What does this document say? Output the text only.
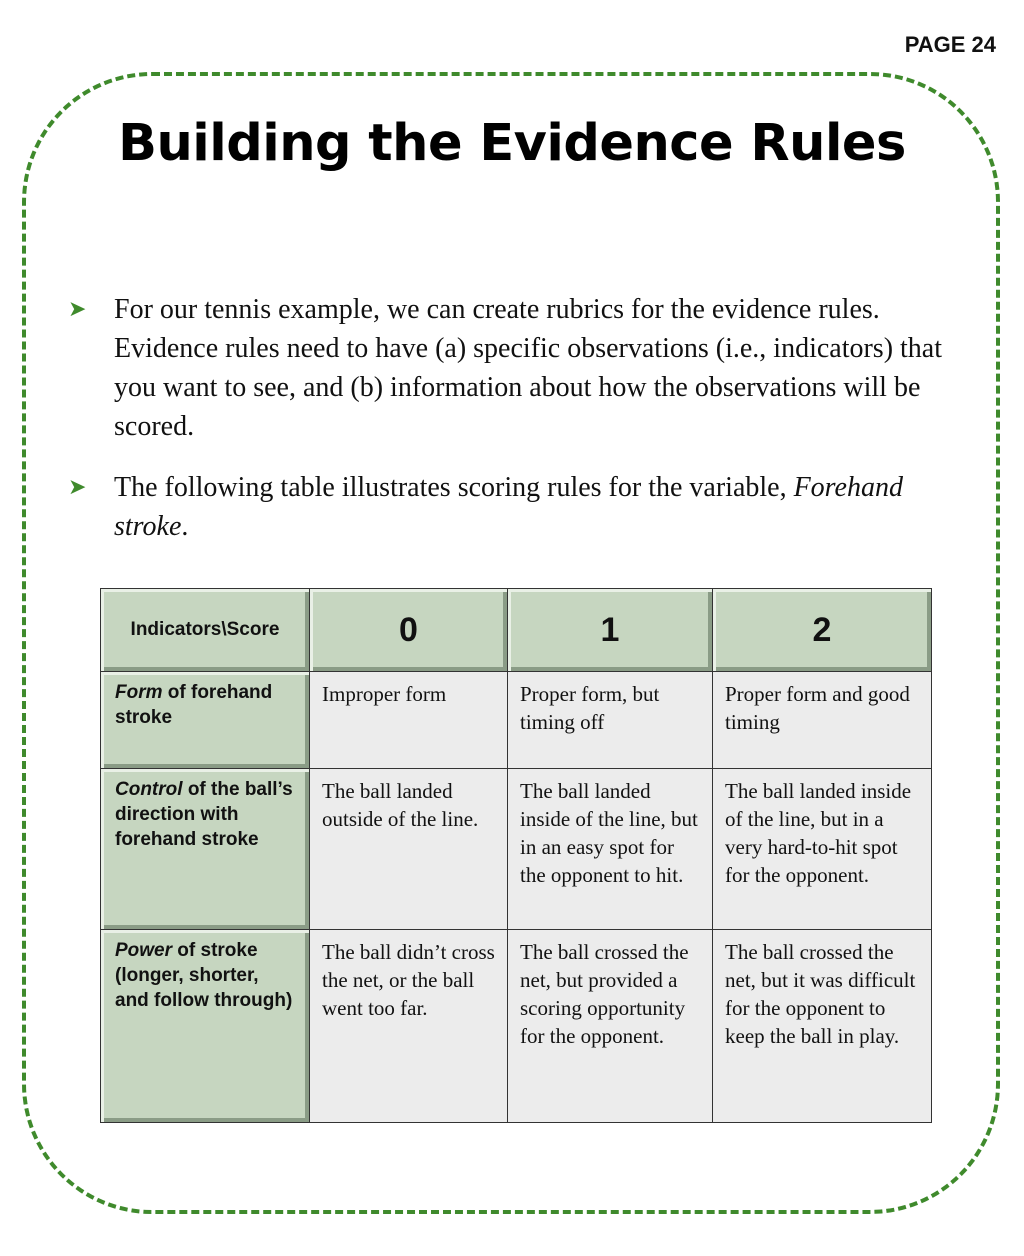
PAGE 24
Building the Evidence Rules
➤ For our tennis example, we can create rubrics for the evidence rules. Evidence rules need to have (a) specific observations (i.e., indicators) that you want to see, and (b) information about how the observations will be scored.
➤ The following table illustrates scoring rules for the variable, Forehand stroke.
Indicators\Score	0	1	2
Form of forehand stroke	Improper form	Proper form, but timing off	Proper form and good timing
Control of the ball’s direction with forehand stroke	The ball landed outside of the line.	The ball landed inside of the line, but in an easy spot for the opponent to hit.	The ball landed inside of the line, but in a very hard-to-hit spot for the opponent.
Power of stroke (longer, shorter, and follow through)	The ball didn’t cross the net, or the ball went too far.	The ball crossed the net, but provided a scoring opportunity for the opponent.	The ball crossed the net, but it was difficult for the opponent to keep the ball in play.
